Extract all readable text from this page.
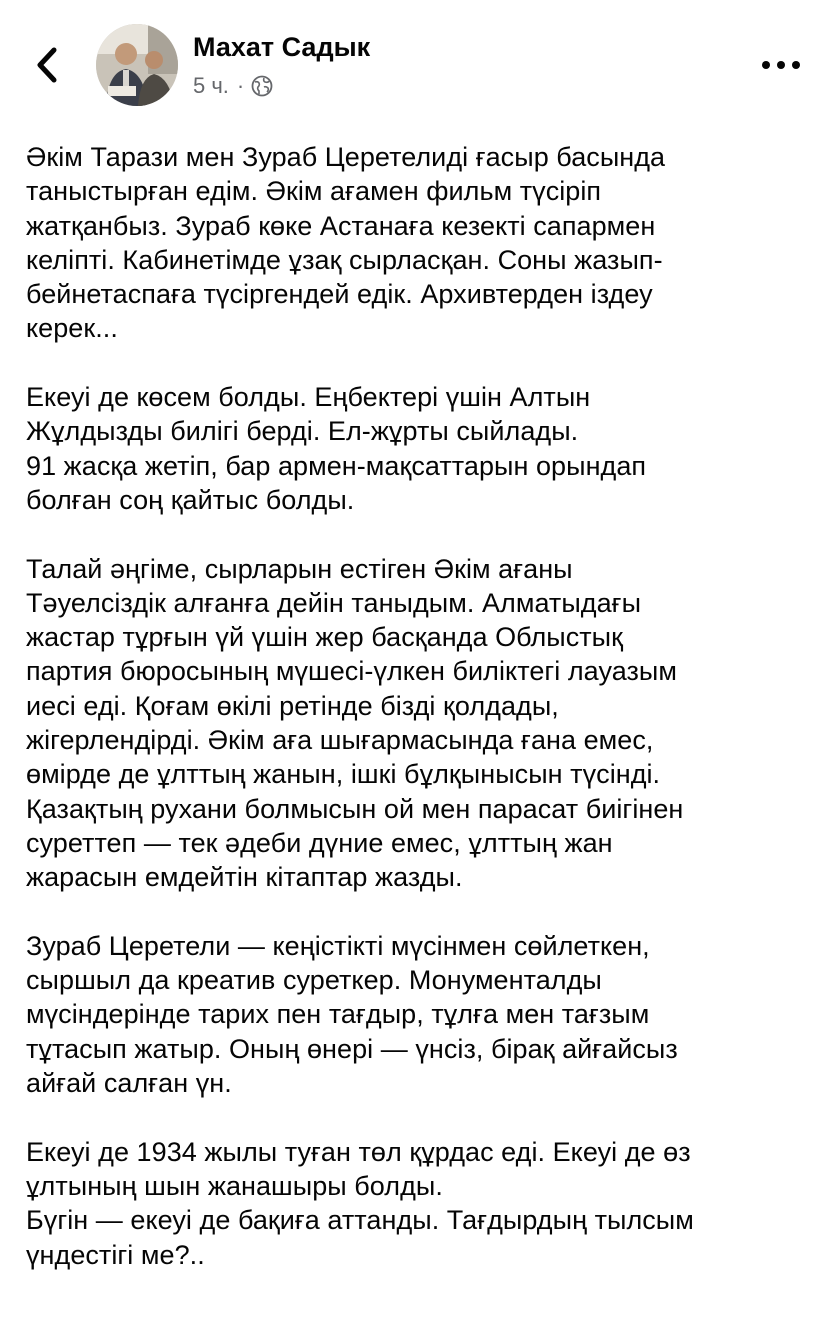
Махат Садык
5 ч. ·
Әкім Тарази мен Зураб Церетелиді ғасыр басында
таныстырған едім. Әкім ағамен фильм түсіріп
жатқанбыз. Зураб көке Астанаға кезекті сапармен
келіпті. Кабинетімде ұзақ сырласқан. Соны жазып-
бейнетаспаға түсіргендей едік. Архивтерден іздеу
керек...
Екеуі де көсем болды. Еңбектері үшін Алтын
Жұлдызды билігі берді. Ел-жұрты сыйлады.
91 жасқа жетіп, бар армен-мақсаттарын орындап
болған соң қайтыс болды.
Талай әңгіме, сырларын естіген Әкім ағаны
Тәуелсіздік алғанға дейін таныдым. Алматыдағы
жастар тұрғын үй үшін жер басқанда Облыстық
партия бюросының мүшесі-үлкен биліктегі лауазым
иесі еді. Қоғам өкілі ретінде бізді қолдады,
жігерлендірді. Әкім аға шығармасында ғана емес,
өмірде де ұлттың жанын, ішкі бұлқынысын түсінді.
Қазақтың рухани болмысын ой мен парасат биігінен
суреттеп — тек әдеби дүние емес, ұлттың жан
жарасын емдейтін кітаптар жазды.
Зураб Церетели — кеңістікті мүсінмен сөйлеткен,
сыршыл да креатив суреткер. Монументалды
мүсіндерінде тарих пен тағдыр, тұлға мен тағзым
тұтасып жатыр. Оның өнері — үнсіз, бірақ айғайсыз
айғай салған үн.
Екеуі де 1934 жылы туған төл құрдас еді. Екеуі де өз
ұлтының шын жанашыры болды.
Бүгін — екеуі де бақиға аттанды. Тағдырдың тылсым
үндестігі ме?..
